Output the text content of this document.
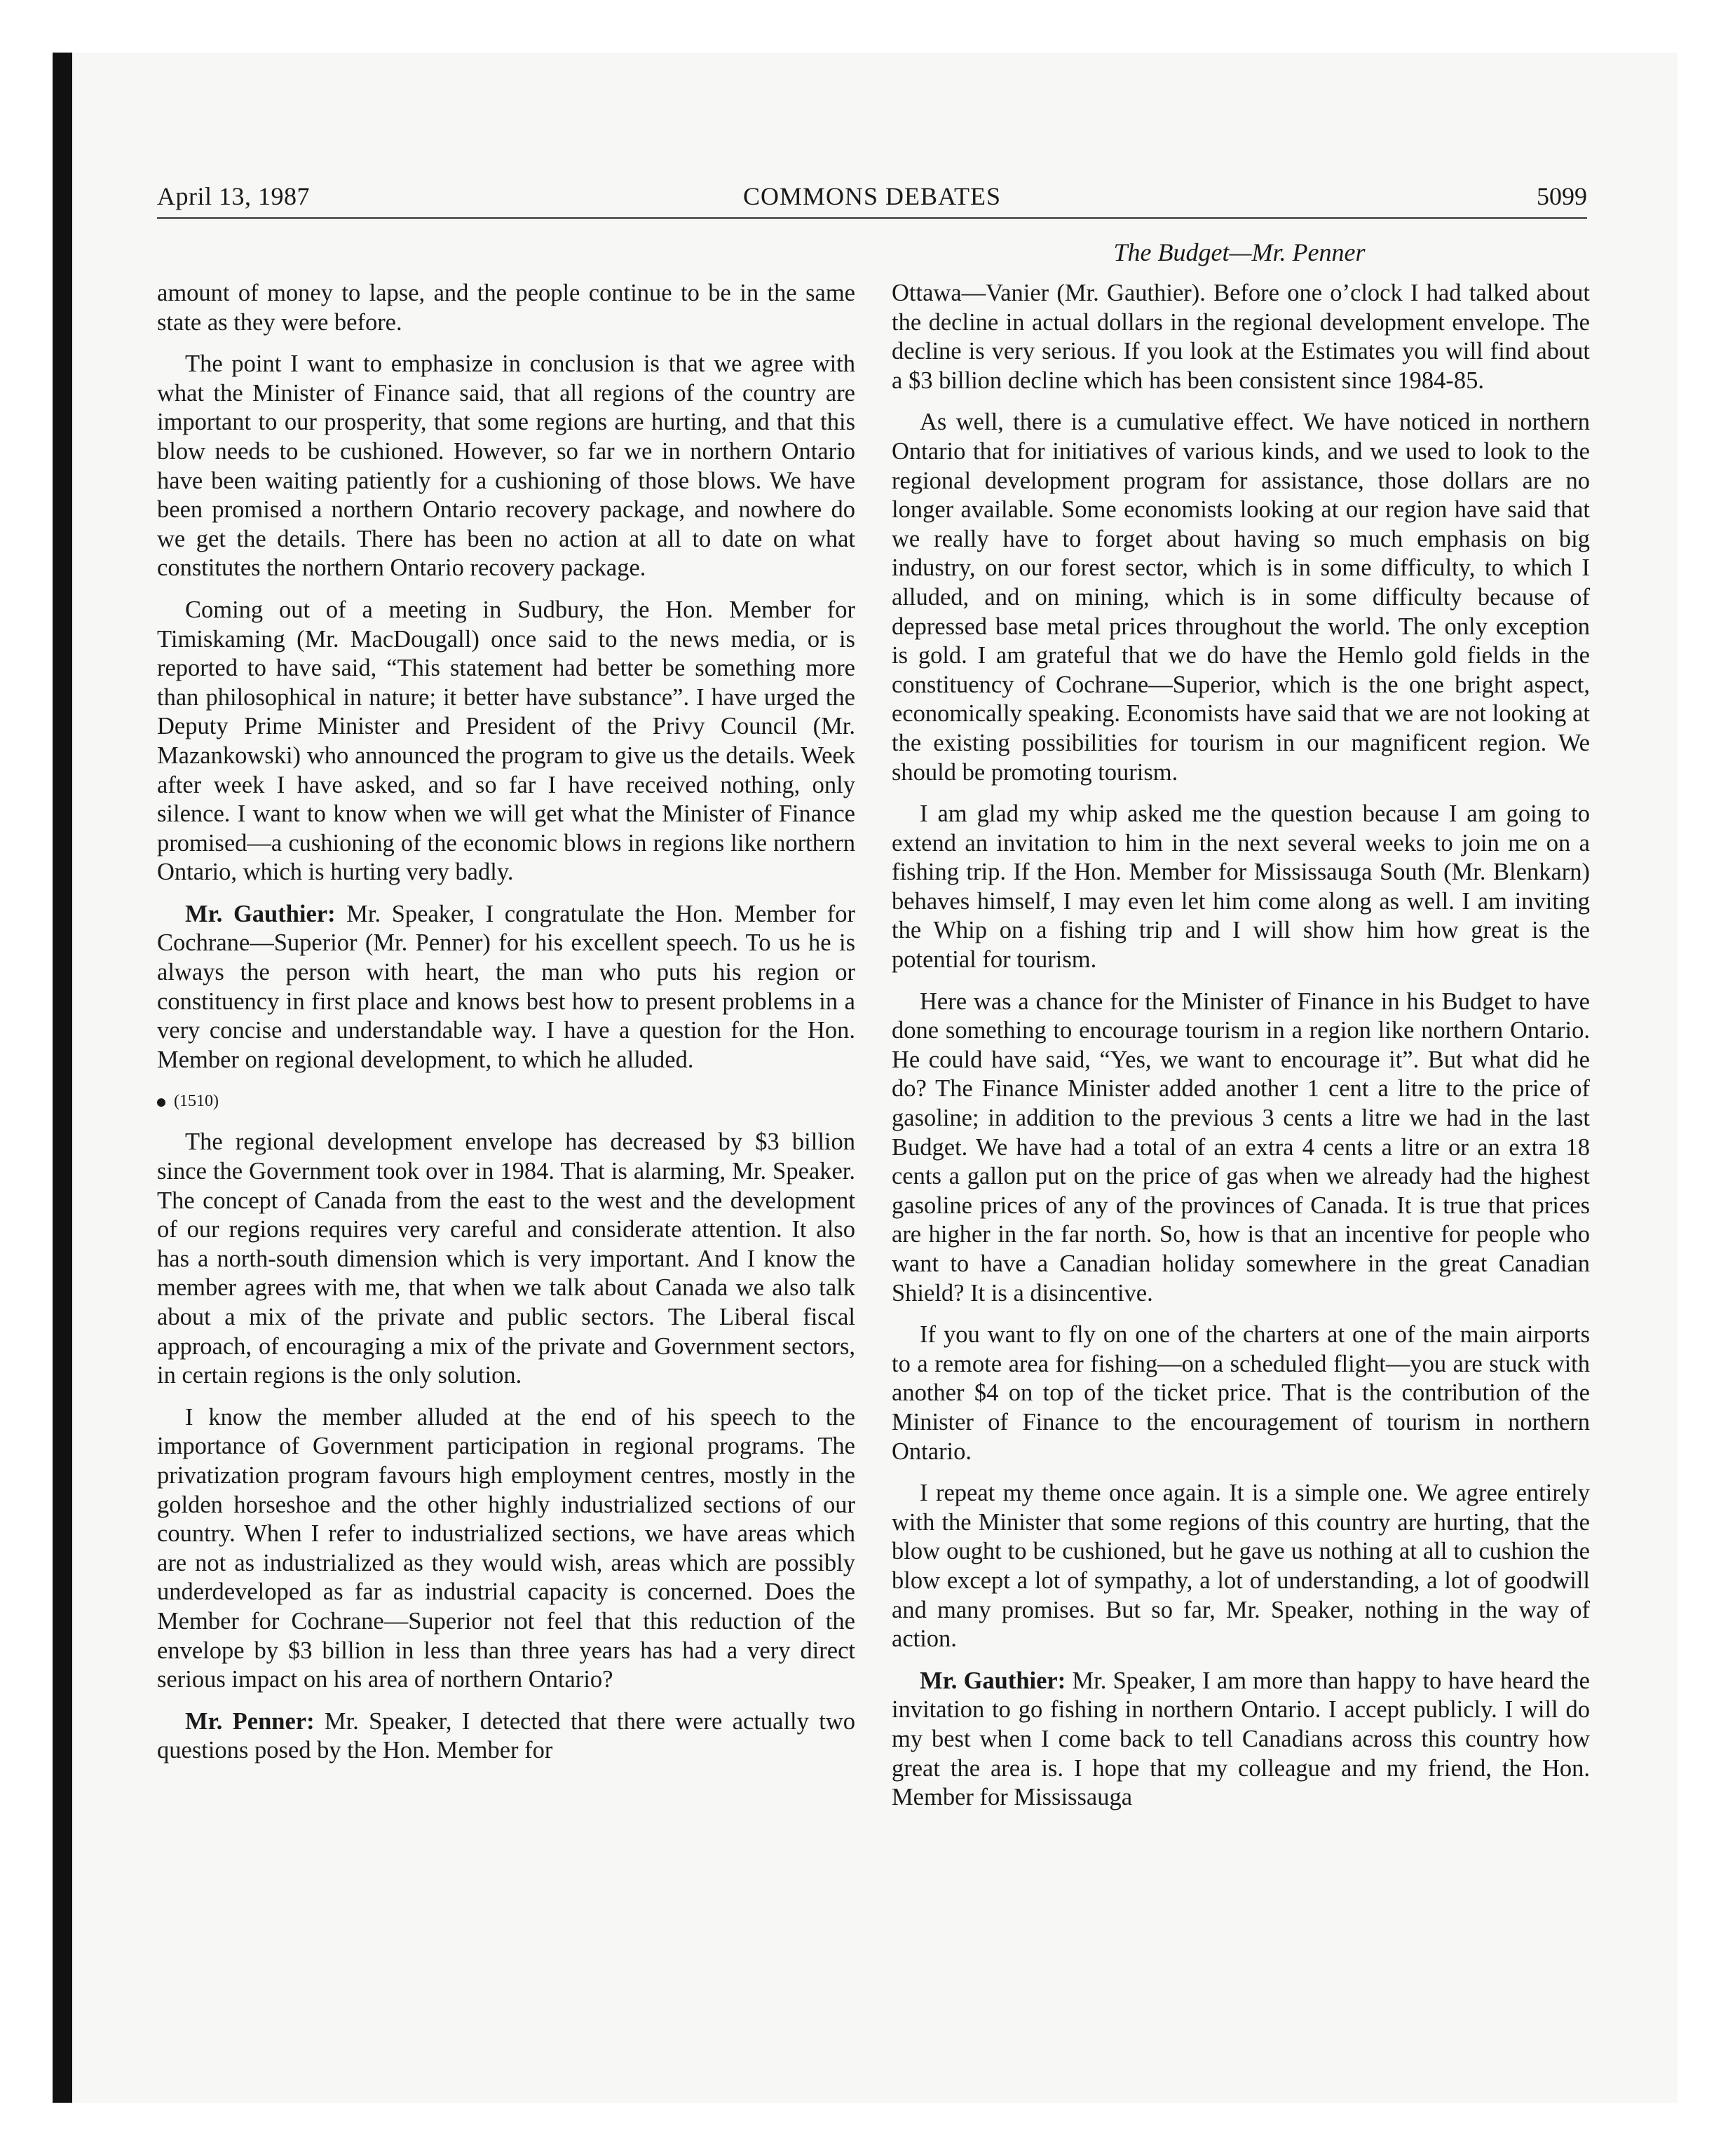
April 13, 1987	COMMONS DEBATES	5099
The Budget—Mr. Penner

amount of money to lapse, and the people continue to be in the same state as they were before.

The point I want to emphasize in conclusion is that we agree with what the Minister of Finance said, that all regions of the country are important to our prosperity, that some regions are hurting, and that this blow needs to be cushioned. However, so far we in northern Ontario have been waiting patiently for a cushioning of those blows. We have been promised a northern Ontario recovery package, and nowhere do we get the details. There has been no action at all to date on what constitutes the northern Ontario recovery package.

Coming out of a meeting in Sudbury, the Hon. Member for Timiskaming (Mr. MacDougall) once said to the news media, or is reported to have said, “This statement had better be something more than philosophical in nature; it better have substance”. I have urged the Deputy Prime Minister and President of the Privy Council (Mr. Mazankowski) who announced the program to give us the details. Week after week I have asked, and so far I have received nothing, only silence. I want to know when we will get what the Minister of Finance promised—a cushioning of the economic blows in regions like northern Ontario, which is hurting very badly.

Mr. Gauthier: Mr. Speaker, I congratulate the Hon. Member for Cochrane—Superior (Mr. Penner) for his excellent speech. To us he is always the person with heart, the man who puts his region or constituency in first place and knows best how to present problems in a very concise and understandable way. I have a question for the Hon. Member on regional development, to which he alluded.

(1510)

The regional development envelope has decreased by $3 billion since the Government took over in 1984. That is alarming, Mr. Speaker. The concept of Canada from the east to the west and the development of our regions requires very careful and considerate attention. It also has a north-south dimension which is very important. And I know the member agrees with me, that when we talk about Canada we also talk about a mix of the private and public sectors. The Liberal fiscal approach, of encouraging a mix of the private and Government sectors, in certain regions is the only solution.

I know the member alluded at the end of his speech to the importance of Government participation in regional programs. The privatization program favours high employment centres, mostly in the golden horseshoe and the other highly industrialized sections of our country. When I refer to industrialized sections, we have areas which are not as industrialized as they would wish, areas which are possibly underdeveloped as far as industrial capacity is concerned. Does the Member for Cochrane—Superior not feel that this reduction of the envelope by $3 billion in less than three years has had a very direct serious impact on his area of northern Ontario?

Mr. Penner: Mr. Speaker, I detected that there were actually two questions posed by the Hon. Member for

Ottawa—Vanier (Mr. Gauthier). Before one o’clock I had talked about the decline in actual dollars in the regional development envelope. The decline is very serious. If you look at the Estimates you will find about a $3 billion decline which has been consistent since 1984-85.

As well, there is a cumulative effect. We have noticed in northern Ontario that for initiatives of various kinds, and we used to look to the regional development program for assistance, those dollars are no longer available. Some economists looking at our region have said that we really have to forget about having so much emphasis on big industry, on our forest sector, which is in some difficulty, to which I alluded, and on mining, which is in some difficulty because of depressed base metal prices throughout the world. The only exception is gold. I am grateful that we do have the Hemlo gold fields in the constituency of Cochrane—Superior, which is the one bright aspect, economically speaking. Economists have said that we are not looking at the existing possibilities for tourism in our magnificent region. We should be promoting tourism.

I am glad my whip asked me the question because I am going to extend an invitation to him in the next several weeks to join me on a fishing trip. If the Hon. Member for Mississauga South (Mr. Blenkarn) behaves himself, I may even let him come along as well. I am inviting the Whip on a fishing trip and I will show him how great is the potential for tourism.

Here was a chance for the Minister of Finance in his Budget to have done something to encourage tourism in a region like northern Ontario. He could have said, “Yes, we want to encourage it”. But what did he do? The Finance Minister added another 1 cent a litre to the price of gasoline; in addition to the previous 3 cents a litre we had in the last Budget. We have had a total of an extra 4 cents a litre or an extra 18 cents a gallon put on the price of gas when we already had the highest gasoline prices of any of the provinces of Canada. It is true that prices are higher in the far north. So, how is that an incentive for people who want to have a Canadian holiday somewhere in the great Canadian Shield? It is a disincentive.

If you want to fly on one of the charters at one of the main airports to a remote area for fishing—on a scheduled flight—you are stuck with another $4 on top of the ticket price. That is the contribution of the Minister of Finance to the encouragement of tourism in northern Ontario.

I repeat my theme once again. It is a simple one. We agree entirely with the Minister that some regions of this country are hurting, that the blow ought to be cushioned, but he gave us nothing at all to cushion the blow except a lot of sympathy, a lot of understanding, a lot of goodwill and many promises. But so far, Mr. Speaker, nothing in the way of action.

Mr. Gauthier: Mr. Speaker, I am more than happy to have heard the invitation to go fishing in northern Ontario. I accept publicly. I will do my best when I come back to tell Canadians across this country how great the area is. I hope that my colleague and my friend, the Hon. Member for Mississauga
